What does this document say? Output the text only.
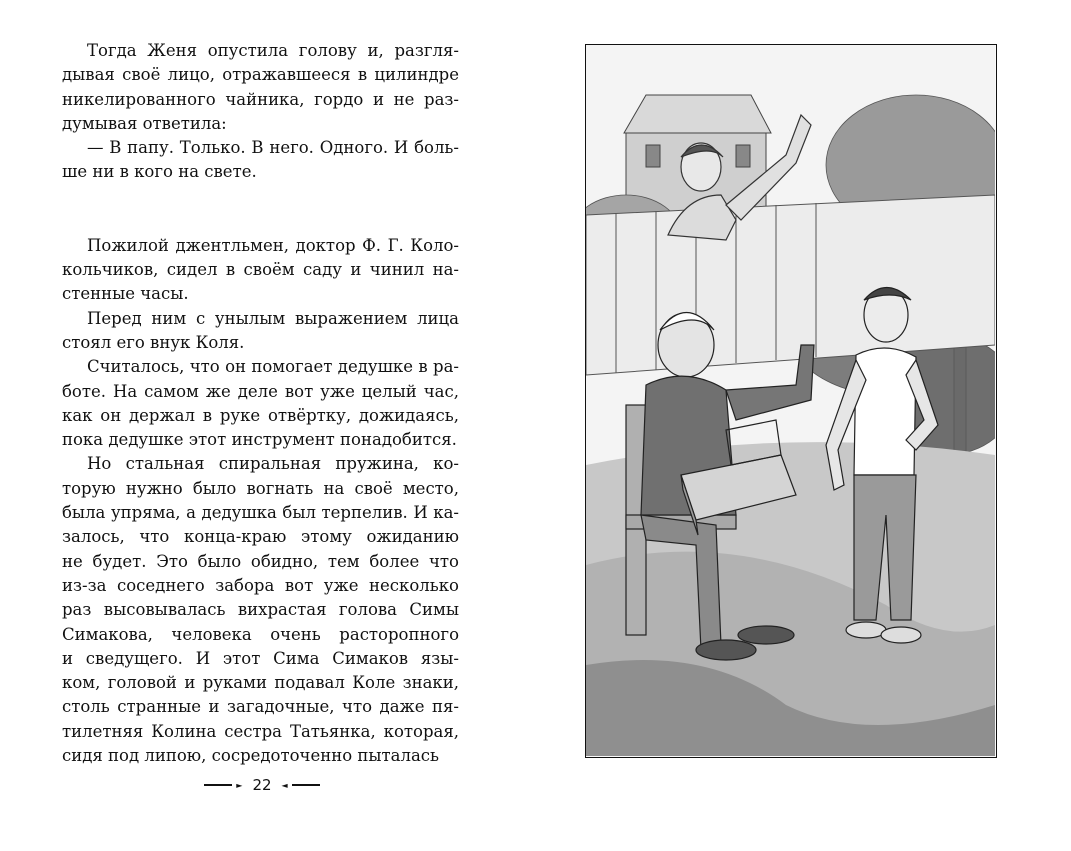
Тогда Женя опустила голову и, разгля-
дывая своё лицо, отражавшееся в цилиндре
никелированного чайника, гордо и не раз-
думывая ответила:

— В папу. Только. В него. Одного. И боль-
ше ни в кого на свете.

Пожилой джентльмен, доктор Ф. Г. Коло-
кольчиков, сидел в своём саду и чинил на-
стенные часы.

Перед ним с унылым выражением лица
стоял его внук Коля.

Считалось, что он помогает дедушке в ра-
боте. На самом же деле вот уже целый час,
как он держал в руке отвёртку, дожидаясь,
пока дедушке этот инструмент понадобится.

Но стальная спиральная пружина, ко-
торую нужно было вогнать на своё место,
была упряма, а дедушка был терпелив. И ка-
залось, что конца-краю этому ожиданию
не будет. Это было обидно, тем более что
из-за соседнего забора вот уже несколько
раз высовывалась вихрастая голова Симы
Симакова, человека очень расторопного
и сведущего. И этот Сима Симаков язы-
ком, головой и руками подавал Коле знаки,
столь странные и загадочные, что даже пя-
тилетняя Колина сестра Татьянка, которая,
сидя под липою, сосредоточенно пыталась

► 22 ◄
